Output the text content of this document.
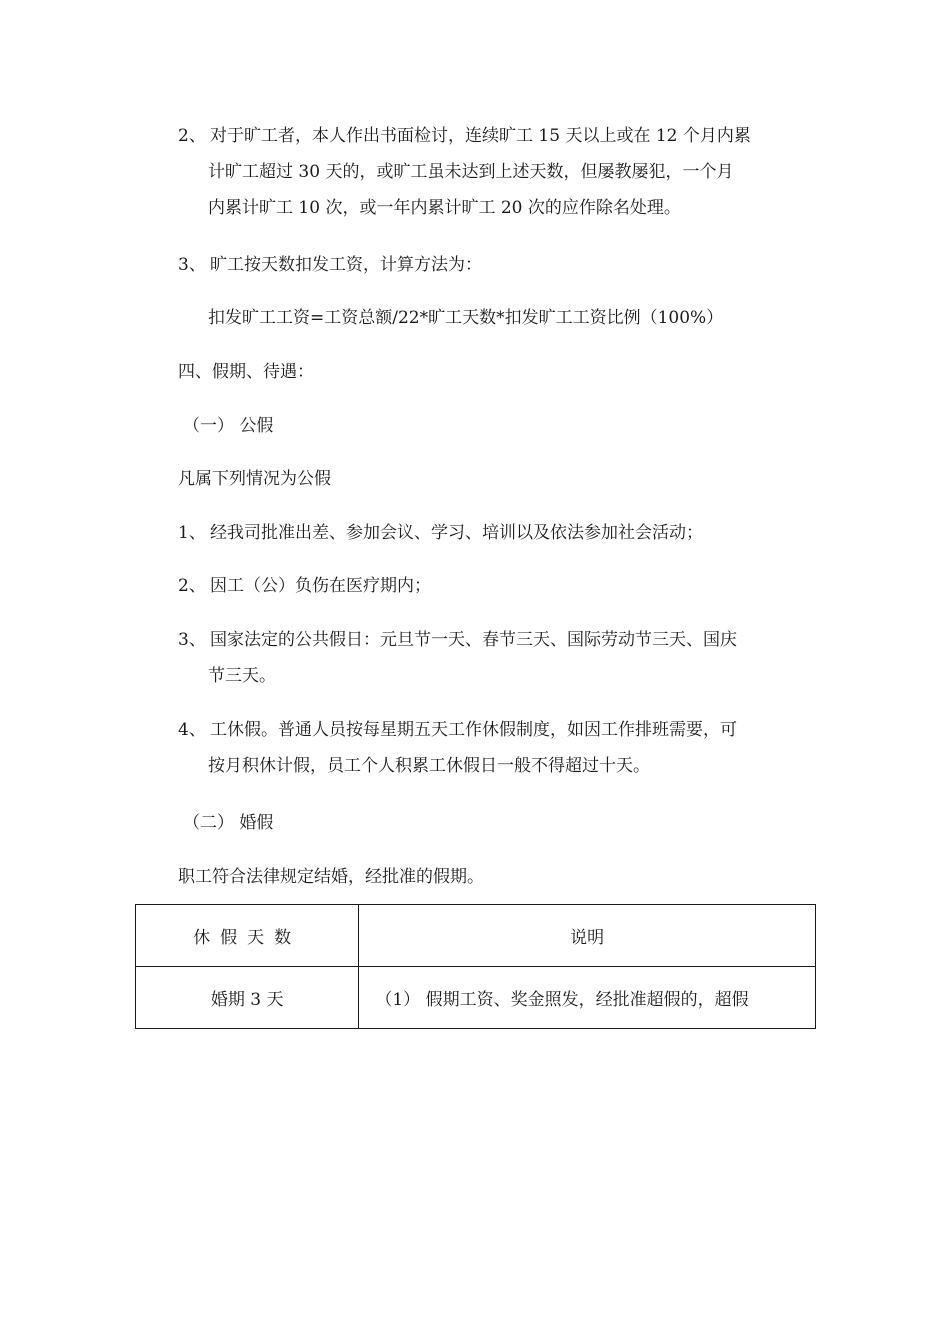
2、 对于旷工者，本人作出书面检讨，连续旷工 15 天以上或在 12 个月内累
计旷工超过 30 天的，或旷工虽未达到上述天数，但屡教屡犯，一个月
内累计旷工 10 次，或一年内累计旷工 20 次的应作除名处理。
3、 旷工按天数扣发工资，计算方法为：
扣发旷工工资=工资总额/22*旷工天数*扣发旷工工资比例（100%）
四、假期、待遇：
（一） 公假
凡属下列情况为公假
1、 经我司批准出差、参加会议、学习、培训以及依法参加社会活动；
2、 因工（公）负伤在医疗期内；
3、 国家法定的公共假日：元旦节一天、春节三天、国际劳动节三天、国庆
节三天。
4、 工休假。普通人员按每星期五天工作休假制度，如因工作排班需要，可
按月积休计假，员工个人积累工休假日一般不得超过十天。
（二） 婚假
职工符合法律规定结婚，经批准的假期。
休假天数	说明
婚期 3 天	（1） 假期工资、奖金照发，经批准超假的，超假
